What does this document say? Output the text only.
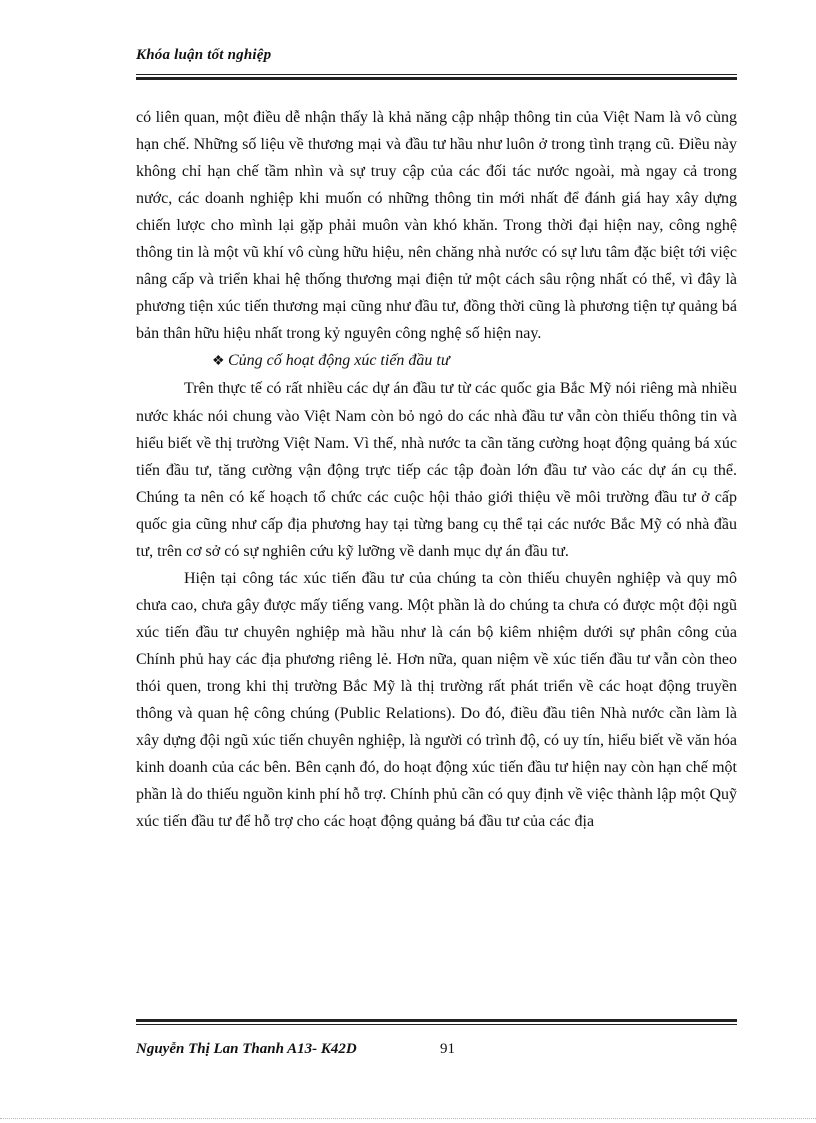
Khóa luận tốt nghiệp

có liên quan, một điều dễ nhận thấy là khả năng cập nhập thông tin của Việt Nam là vô cùng hạn chế. Những số liệu về thương mại và đầu tư hầu như luôn ở trong tình trạng cũ. Điều này không chỉ hạn chế tầm nhìn và sự truy cập của các đối tác nước ngoài, mà ngay cả trong nước, các doanh nghiệp khi muốn có những thông tin mới nhất để đánh giá hay xây dựng chiến lược cho mình lại gặp phải muôn vàn khó khăn. Trong thời đại hiện nay, công nghệ thông tin là một vũ khí vô cùng hữu hiệu, nên chăng nhà nước có sự lưu tâm đặc biệt tới việc nâng cấp và triển khai hệ thống thương mại điện tử một cách sâu rộng nhất có thể, vì đây là phương tiện xúc tiến thương mại cũng như đầu tư, đồng thời cũng là phương tiện tự quảng bá bản thân hữu hiệu nhất trong kỷ nguyên công nghệ số hiện nay.

❖ Củng cố hoạt động xúc tiến đầu tư

Trên thực tế có rất nhiều các dự án đầu tư từ các quốc gia Bắc Mỹ nói riêng mà nhiều nước khác nói chung vào Việt Nam còn bỏ ngỏ do các nhà đầu tư vẫn còn thiếu thông tin và hiểu biết về thị trường Việt Nam. Vì thế, nhà nước ta cần tăng cường hoạt động quảng bá xúc tiến đầu tư, tăng cường vận động trực tiếp các tập đoàn lớn đầu tư vào các dự án cụ thể. Chúng ta nên có kế hoạch tổ chức các cuộc hội thảo giới thiệu về môi trường đầu tư ở cấp quốc gia cũng như cấp địa phương hay tại từng bang cụ thể tại các nước Bắc Mỹ có nhà đầu tư, trên cơ sở có sự nghiên cứu kỹ lưỡng về danh mục dự án đầu tư.

Hiện tại công tác xúc tiến đầu tư của chúng ta còn thiếu chuyên nghiệp và quy mô chưa cao, chưa gây được mấy tiếng vang. Một phần là do chúng ta chưa có được một đội ngũ xúc tiến đầu tư chuyên nghiệp mà hầu như là cán bộ kiêm nhiệm dưới sự phân công của Chính phủ hay các địa phương riêng lẻ. Hơn nữa, quan niệm về xúc tiến đầu tư vẫn còn theo thói quen, trong khi thị trường Bắc Mỹ là thị trường rất phát triển về các hoạt động truyền thông và quan hệ công chúng (Public Relations). Do đó, điều đầu tiên Nhà nước cần làm là xây dựng đội ngũ xúc tiến chuyên nghiệp, là người có trình độ, có uy tín, hiểu biết về văn hóa kinh doanh của các bên. Bên cạnh đó, do hoạt động xúc tiến đầu tư hiện nay còn hạn chế một phần là do thiếu nguồn kinh phí hỗ trợ. Chính phủ cần có quy định về việc thành lập một Quỹ xúc tiến đầu tư để hỗ trợ cho các hoạt động quảng bá đầu tư của các địa

Nguyễn Thị Lan Thanh A13- K42D	91
